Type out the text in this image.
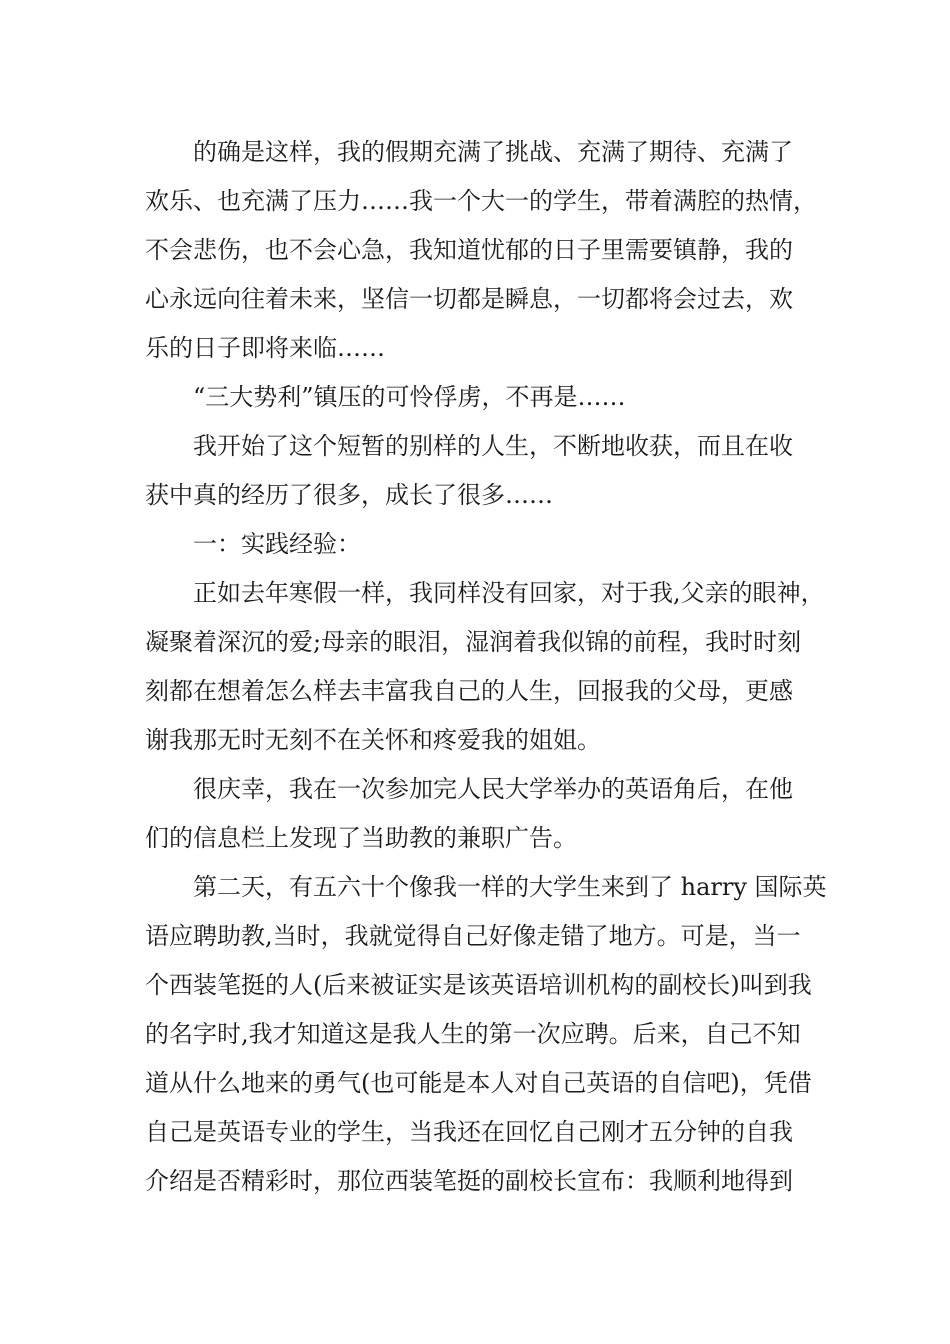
的确是这样，我的假期充满了挑战、充满了期待、充满了
欢乐、也充满了压力……我一个大一的学生，带着满腔的热情，
不会悲伤，也不会心急，我知道忧郁的日子里需要镇静，我的
心永远向往着未来，坚信一切都是瞬息，一切都将会过去，欢
乐的日子即将来临……

“三大势利”镇压的可怜俘虏，不再是……

我开始了这个短暂的别样的人生，不断地收获，而且在收
获中真的经历了很多，成长了很多……

一：实践经验：

正如去年寒假一样，我同样没有回家，对于我,父亲的眼神，
凝聚着深沉的爱;母亲的眼泪，湿润着我似锦的前程，我时时刻
刻都在想着怎么样去丰富我自己的人生，回报我的父母，更感
谢我那无时无刻不在关怀和疼爱我的姐姐。

很庆幸，我在一次参加完人民大学举办的英语角后，在他
们的信息栏上发现了当助教的兼职广告。

第二天，有五六十个像我一样的大学生来到了 harry 国际英
语应聘助教,当时，我就觉得自己好像走错了地方。可是，当一
个西装笔挺的人(后来被证实是该英语培训机构的副校长)叫到我
的名字时,我才知道这是我人生的第一次应聘。后来，自己不知
道从什么地来的勇气(也可能是本人对自己英语的自信吧)，凭借
自己是英语专业的学生，当我还在回忆自己刚才五分钟的自我
介绍是否精彩时，那位西装笔挺的副校长宣布：我顺利地得到
